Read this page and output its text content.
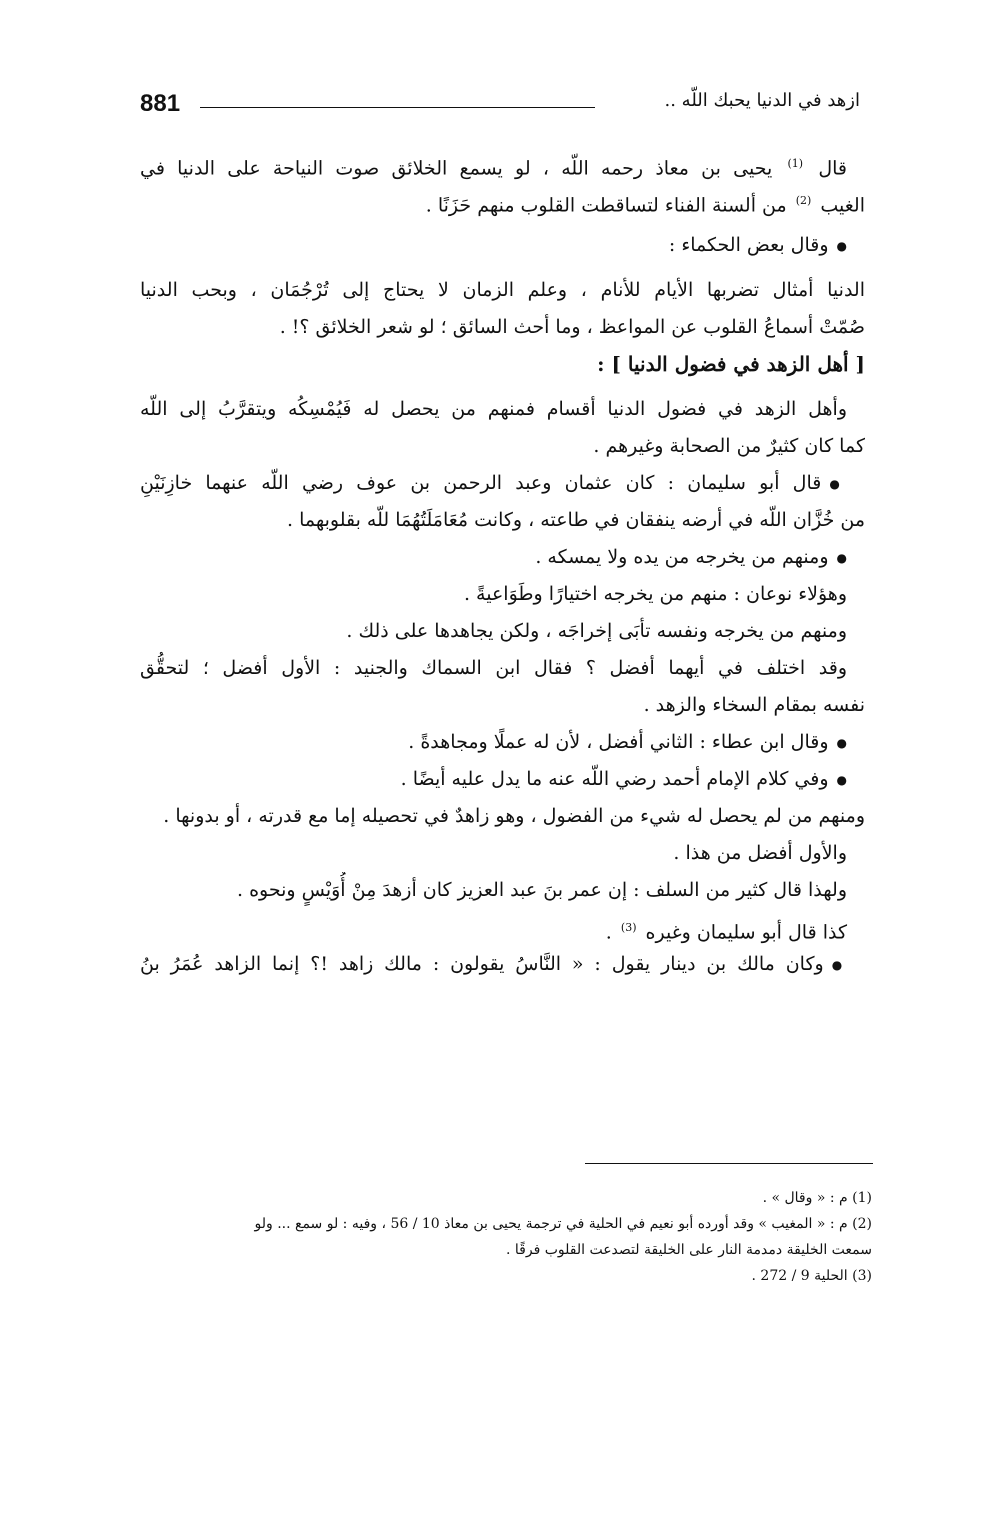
881	ازهد في الدنيا يحبك اللّه ..
قال $^{(1)}$ يحيى بن معاذ رحمه اللّه ، لو يسمع الخلائق صوت النياحة على الدنيا في
الغيب $^{(2)}$ من ألسنة الفناء لتساقطت القلوب منهم حَزَنًا .
● وقال بعض الحكماء :
الدنيا أمثال تضربها الأيام للأنام ، وعلم الزمان لا يحتاج إلى تُرْجُمَان ، وبحب الدنيا
صُمّتْ أسماعُ القلوب عن المواعظ ، وما أحث السائق ؛ لو شعر الخلائق ؟! .
[ أهل الزهد في فضول الدنيا ] :
وأهل الزهد في فضول الدنيا أقسام فمنهم من يحصل له فَيُمْسِكُه ويتقرَّبُ إلى اللّه
كما كان كثيرٌ من الصحابة وغيرهم .
● قال أبو سليمان : كان عثمان وعبد الرحمن بن عوف رضي اللّه عنهما خازِنَيْنِ
من خُزَّان اللّه في أرضه ينفقان في طاعته ، وكانت مُعَامَلَتُهُمَا للّه بقلوبهما .
● ومنهم من يخرجه من يده ولا يمسكه .
وهؤلاء نوعان : منهم من يخرجه اختيارًا وطَوَاعيةً .
ومنهم من يخرجه ونفسه تأبَى إخراجَه ، ولكن يجاهدها على ذلك .
وقد اختلف في أيهما أفضل ؟ فقال ابن السماك والجنيد : الأول أفضل ؛ لتحقُّق
نفسه بمقام السخاء والزهد .
● وقال ابن عطاء : الثاني أفضل ، لأن له عملًا ومجاهدةً .
● وفي كلام الإمام أحمد رضي اللّه عنه ما يدل عليه أيضًا .
ومنهم من لم يحصل له شيء من الفضول ، وهو زاهدٌ في تحصيله إما مع قدرته ، أو بدونها .
والأول أفضل من هذا .
ولهذا قال كثير من السلف : إن عمر بنَ عبد العزيز كان أزهدَ مِنْ أُوَيْسٍ ونحوه .
كذا قال أبو سليمان وغيره $^{(3)}$ .
● وكان مالك بن دينار يقول : « النَّاسُ يقولون : مالك زاهد !؟ إنما الزاهد عُمَرُ بنُ
(1) م : « وقال » .
(2) م : « المغيب » وقد أورده أبو نعيم في الحلية في ترجمة يحيى بن معاذ 10 / 56 ، وفيه : لو سمع ... ولو
سمعت الخليقة دمدمة النار على الخليقة لتصدعت القلوب فرقًا .
(3) الحلية 9 / 272 .
